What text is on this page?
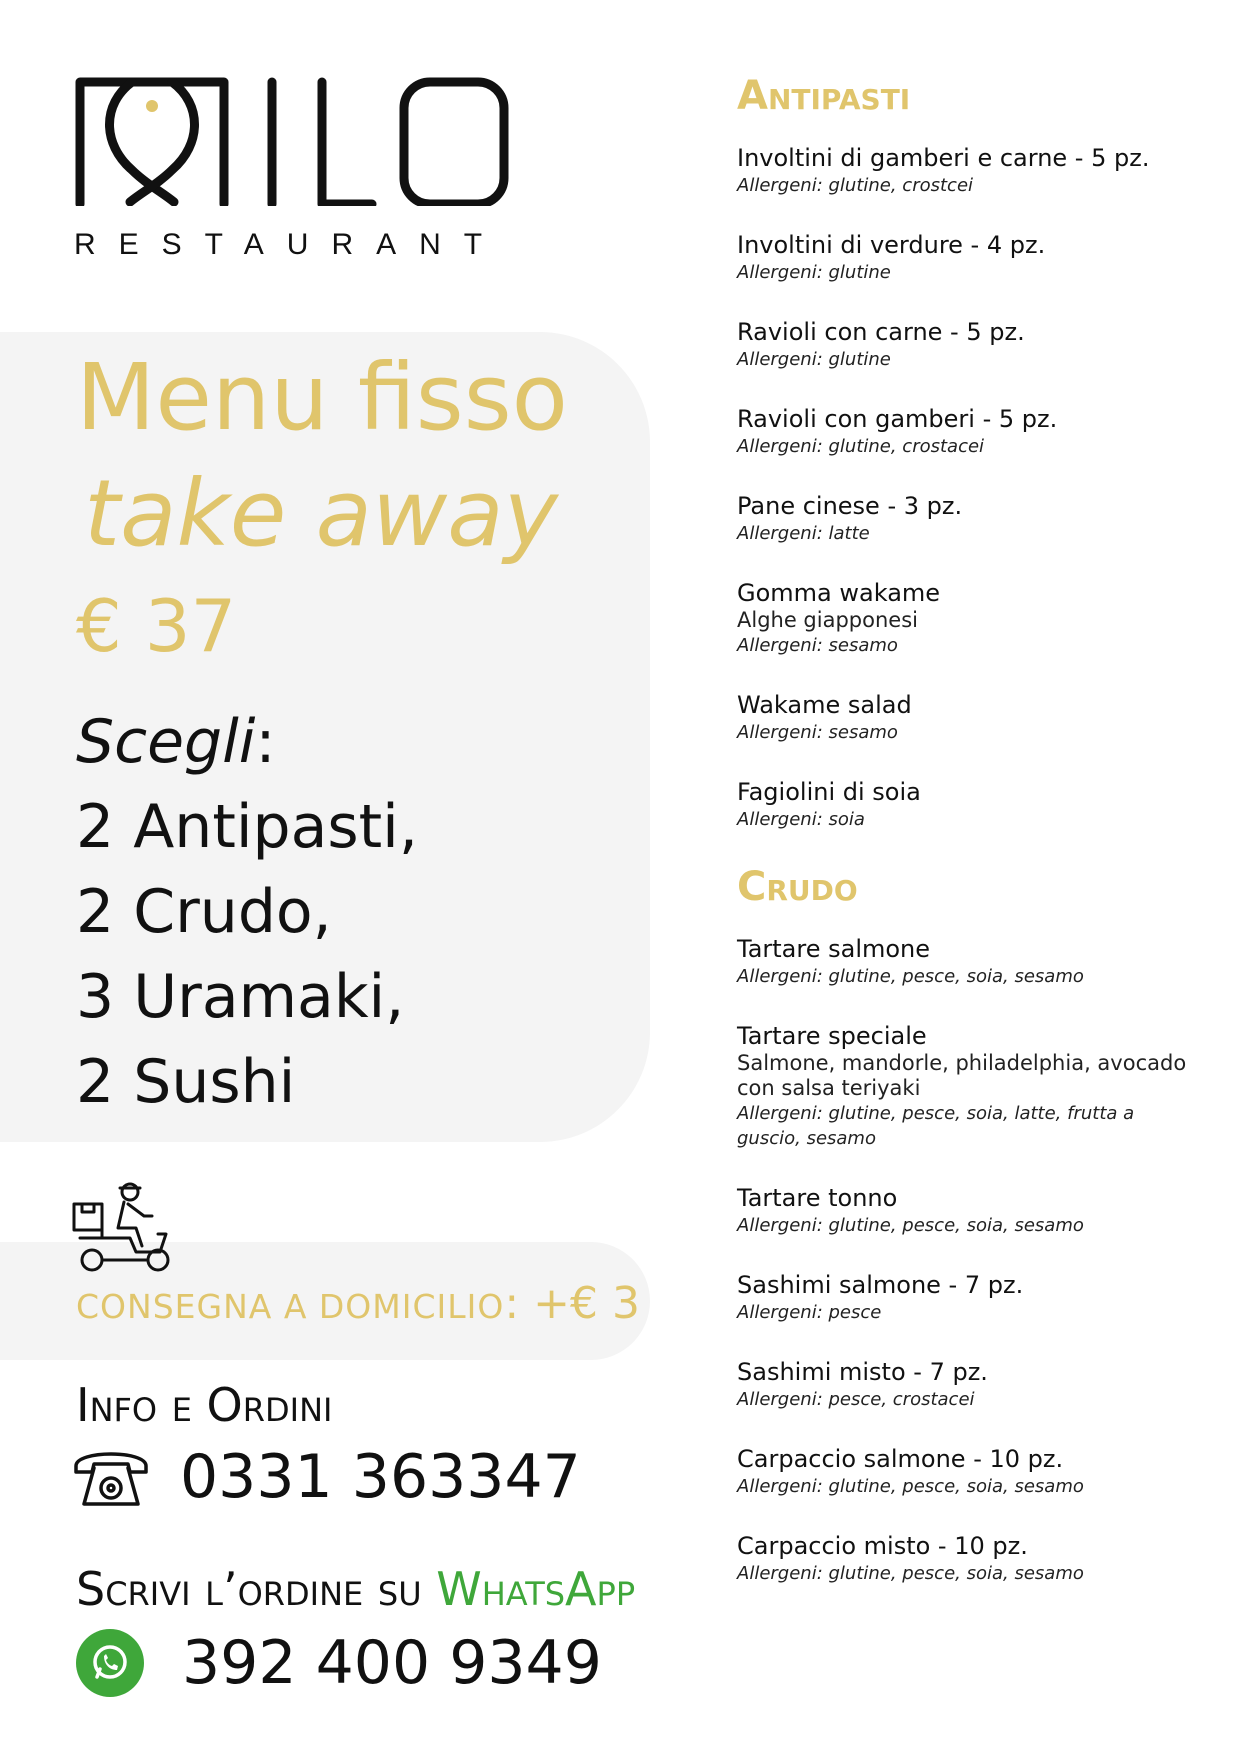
RESTAURANT
Menu fisso
take away
€ 37
Scegli:
2 Antipasti,
2 Crudo,
3 Uramaki,
2 Sushi
CONSEGNA A DOMICILIO: +€ 3
Info e Ordini
0331 363347
Scrivi l’ordine su WhatsApp
392 400 9349
Antipasti
Involtini di gamberi e carne - 5 pz.
Allergeni: glutine, crostcei
Involtini di verdure - 4 pz.
Allergeni: glutine
Ravioli con carne - 5 pz.
Allergeni: glutine
Ravioli con gamberi - 5 pz.
Allergeni: glutine, crostacei
Pane cinese - 3 pz.
Allergeni: latte
Gomma wakame
Alghe giapponesi
Allergeni: sesamo
Wakame salad
Allergeni: sesamo
Fagiolini di soia
Allergeni: soia
Crudo
Tartare salmone
Allergeni: glutine, pesce, soia, sesamo
Tartare speciale
Salmone, mandorle, philadelphia, avocado con salsa teriyaki
Allergeni: glutine, pesce, soia, latte, frutta a guscio, sesamo
Tartare tonno
Allergeni: glutine, pesce, soia, sesamo
Sashimi salmone - 7 pz.
Allergeni: pesce
Sashimi misto - 7 pz.
Allergeni: pesce, crostacei
Carpaccio salmone - 10 pz.
Allergeni: glutine, pesce, soia, sesamo
Carpaccio misto - 10 pz.
Allergeni: glutine, pesce, soia, sesamo
